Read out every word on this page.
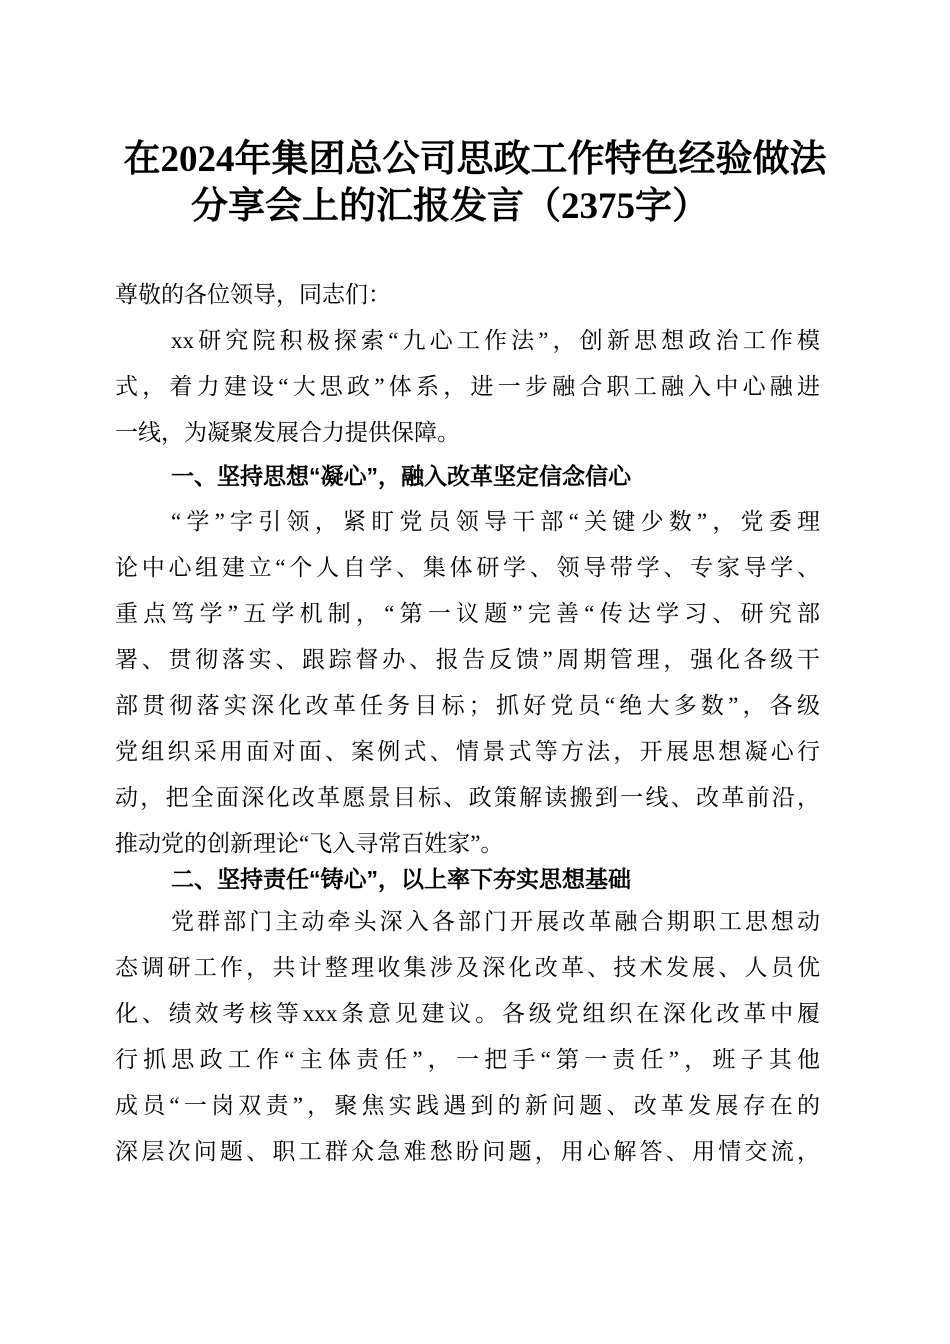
在2024年集团总公司思政工作特色经验做法
分享会上的汇报发言（2375字）
尊敬的各位领导，同志们：
xx研究院积极探索“九心工作法”，创新思想政治工作模
式，着力建设“大思政”体系，进一步融合职工融入中心融进
一线，为凝聚发展合力提供保障。
一、坚持思想“凝心”，融入改革坚定信念信心
“学”字引领，紧盯党员领导干部“关键少数”，党委理
论中心组建立“个人自学、集体研学、领导带学、专家导学、
重点笃学”五学机制，“第一议题”完善“传达学习、研究部
署、贯彻落实、跟踪督办、报告反馈”周期管理，强化各级干
部贯彻落实深化改革任务目标；抓好党员“绝大多数”，各级
党组织采用面对面、案例式、情景式等方法，开展思想凝心行
动，把全面深化改革愿景目标、政策解读搬到一线、改革前沿，
推动党的创新理论“飞入寻常百姓家”。
二、坚持责任“铸心”，以上率下夯实思想基础
党群部门主动牵头深入各部门开展改革融合期职工思想动
态调研工作，共计整理收集涉及深化改革、技术发展、人员优
化、绩效考核等xxx条意见建议。各级党组织在深化改革中履
行抓思政工作“主体责任”，一把手“第一责任”，班子其他
成员“一岗双责”，聚焦实践遇到的新问题、改革发展存在的
深层次问题、职工群众急难愁盼问题，用心解答、用情交流，
